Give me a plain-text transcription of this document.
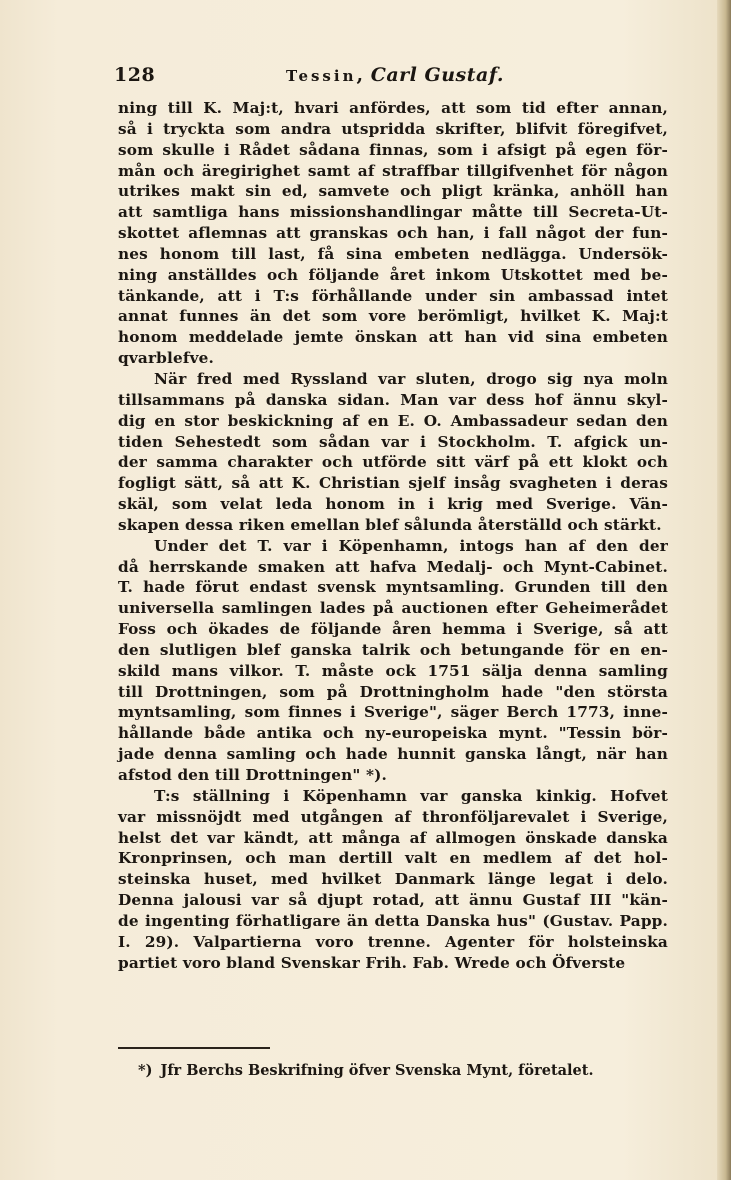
128	Tessin, Carl Gustaf.
ning till K. Maj:t, hvari anfördes, att som tid efter annan,
så i tryckta som andra utspridda skrifter, blifvit föregifvet,
som skulle i Rådet sådana finnas, som i afsigt på egen för-
mån och äregirighet samt af straffbar tillgifvenhet för någon
utrikes makt sin ed, samvete och pligt kränka, anhöll han
att samtliga hans missionshandlingar måtte till Secreta-Ut-
skottet aflemnas att granskas och han, i fall något der fun-
nes honom till last, få sina embeten nedlägga. Undersök-
ning anställdes och följande året inkom Utskottet med be-
tänkande, att i T:s förhållande under sin ambassad intet
annat funnes än det som vore berömligt, hvilket K. Maj:t
honom meddelade jemte önskan att han vid sina embeten
qvarblefve.
När fred med Ryssland var sluten, drogo sig nya moln
tillsammans på danska sidan. Man var dess hof ännu skyl-
dig en stor beskickning af en E. O. Ambassadeur sedan den
tiden Sehestedt som sådan var i Stockholm. T. afgick un-
der samma charakter och utförde sitt värf på ett klokt och
fogligt sätt, så att K. Christian sjelf insåg svagheten i deras
skäl, som velat leda honom in i krig med Sverige. Vän-
skapen dessa riken emellan blef sålunda återställd och stärkt.
Under det T. var i Köpenhamn, intogs han af den der
då herrskande smaken att hafva Medalj- och Mynt-Cabinet.
T. hade förut endast svensk myntsamling. Grunden till den
universella samlingen lades på auctionen efter Geheimerådet
Foss och ökades de följande åren hemma i Sverige, så att
den slutligen blef ganska talrik och betungande för en en-
skild mans vilkor. T. måste ock 1751 sälja denna samling
till Drottningen, som på Drottningholm hade "den största
myntsamling, som finnes i Sverige", säger Berch 1773, inne-
hållande både antika och ny-europeiska mynt. "Tessin bör-
jade denna samling och hade hunnit ganska långt, när han
afstod den till Drottningen" *).
T:s ställning i Köpenhamn var ganska kinkig. Hofvet
var missnöjdt med utgången af thronföljarevalet i Sverige,
helst det var kändt, att många af allmogen önskade danska
Kronprinsen, och man dertill valt en medlem af det hol-
steinska huset, med hvilket Danmark länge legat i delo.
Denna jalousi var så djupt rotad, att ännu Gustaf III "kän-
de ingenting förhatligare än detta Danska hus" (Gustav. Papp.
I. 29). Valpartierna voro trenne. Agenter för holsteinska
partiet voro bland Svenskar Frih. Fab. Wrede och Öfverste
*) Jfr Berchs Beskrifning öfver Svenska Mynt, företalet.
